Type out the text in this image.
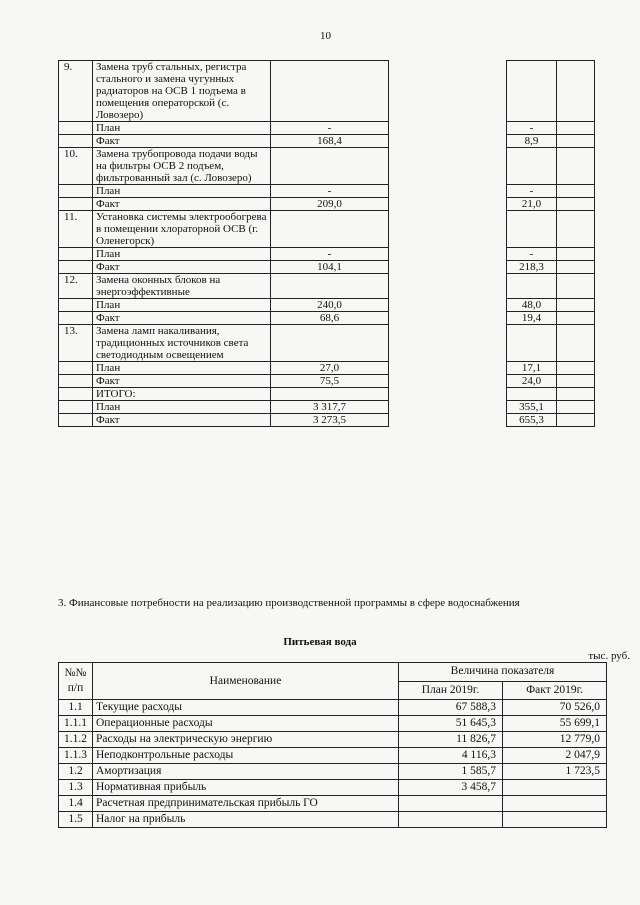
10
9.	Замена труб стальных, регистра стального и замена чугунных радиаторов на ОСВ 1 подъема в помещения операторской (с. Ловозеро)				
	План	-		-	
	Факт	168,4		8,9	
10.	Замена трубопровода подачи воды на фильтры ОСВ 2 подъем, фильтрованный зал (с. Ловозеро)				
	План	-		-	
	Факт	209,0		21,0	
11.	Установка системы электрообогрева в помещении хлораторной ОСВ (г. Оленегорск)				
	План	-		-	
	Факт	104,1		218,3	
12.	Замена оконных блоков на энергоэффективные				
	План	240,0		48,0	
	Факт	68,6		19,4	
13.	Замена ламп накаливания, традиционных источников света светодиодным освещением				
	План	27,0		17,1	
	Факт	75,5		24,0	
	ИТОГО:				
	План	3 317,7		355,1	
	Факт	3 273,5		655,3	
3. Финансовые потребности на реализацию производственной программы в сфере водоснабжения
Питьевая вода
тыс. руб.
№№ п/п	Наименование	Величина показателя	
		План 2019г.	Факт 2019г.
1.1	Текущие расходы	67 588,3	70 526,0
1.1.1	Операционные расходы	51 645,3	55 699,1
1.1.2	Расходы на электрическую энергию	11 826,7	12 779,0
1.1.3	Неподконтрольные расходы	4 116,3	2 047,9
1.2	Амортизация	1 585,7	1 723,5
1.3	Нормативная прибыль	3 458,7	
1.4	Расчетная предпринимательская прибыль ГО		
1.5	Налог на прибыль		
